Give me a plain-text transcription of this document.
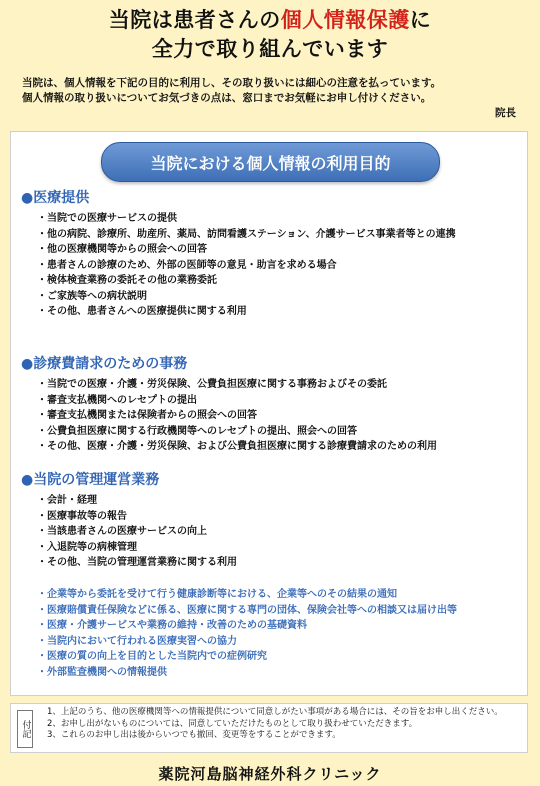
当院は患者さんの個人情報保護に
全力で取り組んでいます
当院は、個人情報を下記の目的に利用し、その取り扱いには細心の注意を払っています。
個人情報の取り扱いについてお気づきの点は、窓口までお気軽にお申し付けください。
院長
当院における個人情報の利用目的
●医療提供
・当院での医療サービスの提供
・他の病院、診療所、助産所、薬局、訪問看護ステーション、介護サービス事業者等との連携
・他の医療機関等からの照会への回答
・患者さんの診療のため、外部の医師等の意見・助言を求める場合
・検体検査業務の委託その他の業務委託
・ご家族等への病状説明
・その他、患者さんへの医療提供に関する利用
●診療費請求のための事務
・当院での医療・介護・労災保険、公費負担医療に関する事務およびその委託
・審査支払機関へのレセプトの提出
・審査支払機関または保険者からの照会への回答
・公費負担医療に関する行政機関等へのレセプトの提出、照会への回答
・その他、医療・介護・労災保険、および公費負担医療に関する診療費請求のための利用
●当院の管理運営業務
・会計・経理
・医療事故等の報告
・当該患者さんの医療サービスの向上
・入退院等の病棟管理
・その他、当院の管理運営業務に関する利用
・企業等から委託を受けて行う健康診断等における、企業等へのその結果の通知
・医療賠償責任保険などに係る、医療に関する専門の団体、保険会社等への相談又は届け出等
・医療・介護サービスや業務の維持・改善のための基礎資料
・当院内において行われる医療実習への協力
・医療の質の向上を目的とした当院内での症例研究
・外部監査機関への情報提供
付記
1、上記のうち、他の医療機関等への情報提供について同意しがたい事項がある場合には、その旨をお申し出ください。
2、お申し出がないものについては、同意していただけたものとして取り扱わせていただきます。
3、これらのお申し出は後からいつでも撤回、変更等をすることができます。
薬院河島脳神経外科クリニック
